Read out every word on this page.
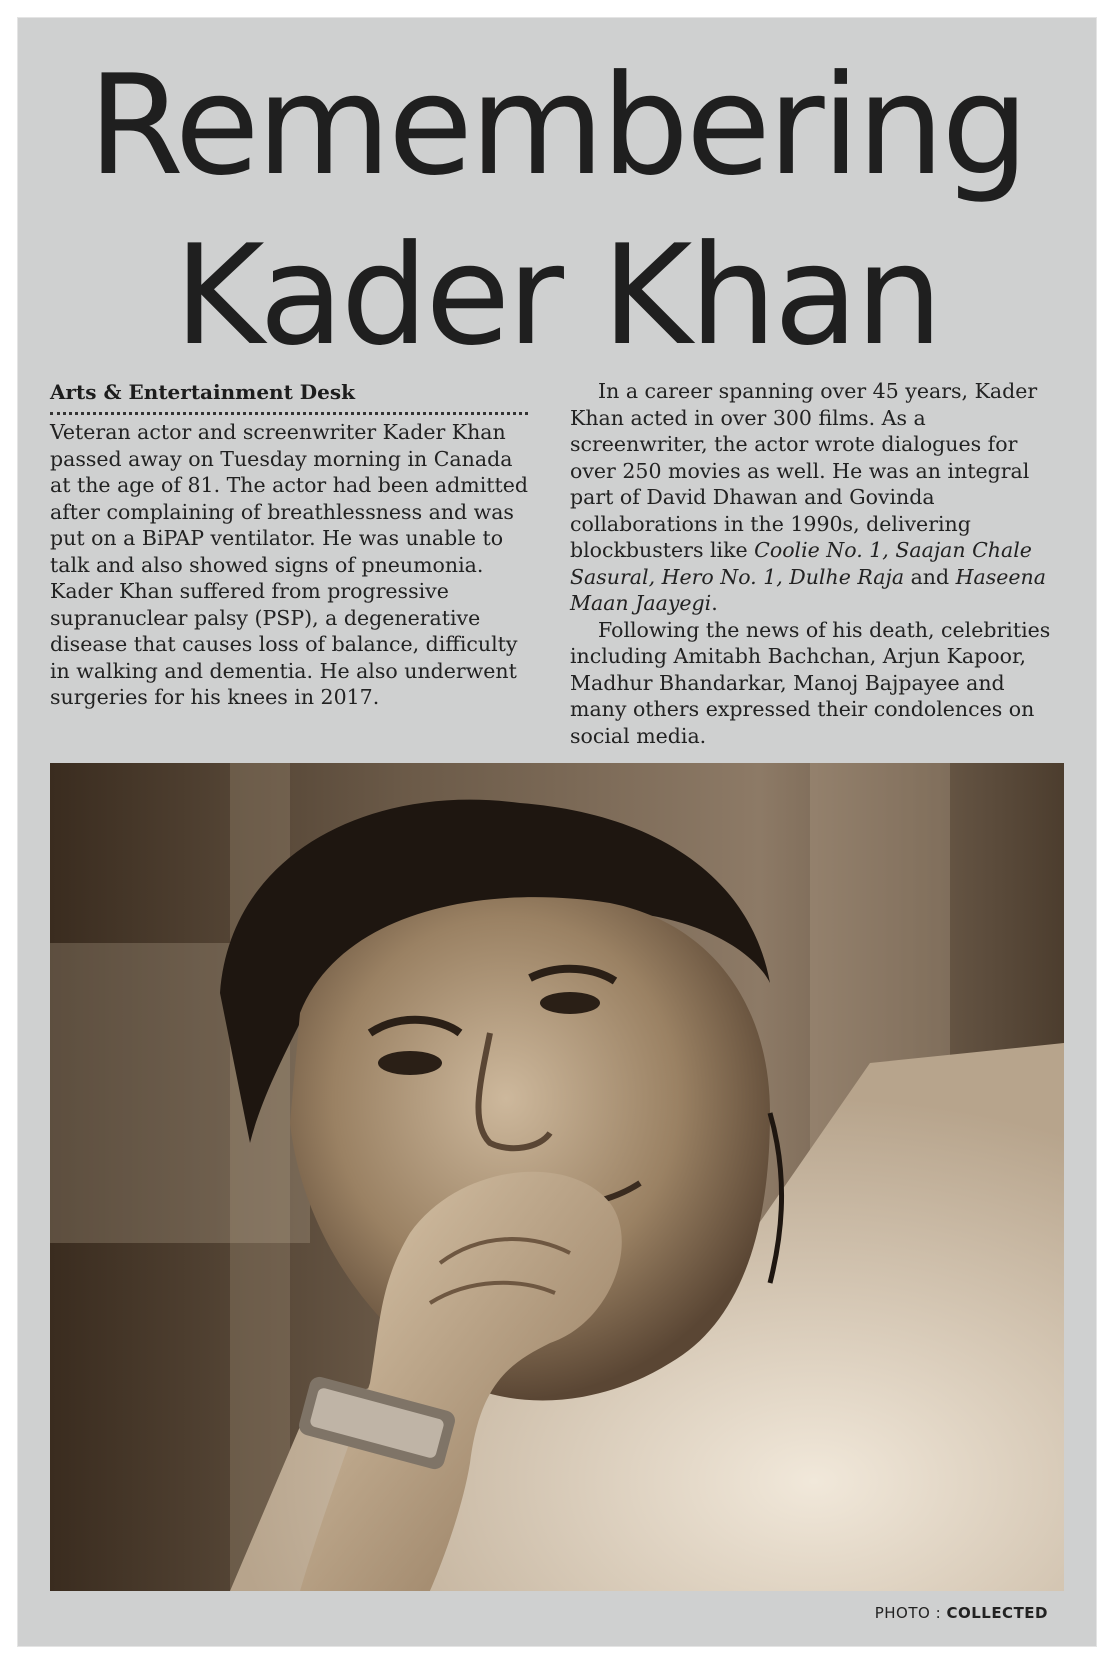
Remembering
Kader Khan

Arts & Entertainment Desk

Veteran actor and screenwriter Kader Khan passed away on Tuesday morning in Canada at the age of 81. The actor had been admitted after complaining of breathlessness and was put on a BiPAP ventilator. He was unable to talk and also showed signs of pneumonia. Kader Khan suffered from progressive supranuclear palsy (PSP), a degenerative disease that causes loss of balance, difficulty in walking and dementia. He also underwent surgeries for his knees in 2017.

In a career spanning over 45 years, Kader Khan acted in over 300 films. As a screenwriter, the actor wrote dialogues for over 250 movies as well. He was an integral part of David Dhawan and Govinda collaborations in the 1990s, delivering blockbusters like Coolie No. 1, Saajan Chale Sasural, Hero No. 1, Dulhe Raja and Haseena Maan Jaayegi.

Following the news of his death, celebrities including Amitabh Bachchan, Arjun Kapoor, Madhur Bhandarkar, Manoj Bajpayee and many others expressed their condolences on social media.

PHOTO : COLLECTED
